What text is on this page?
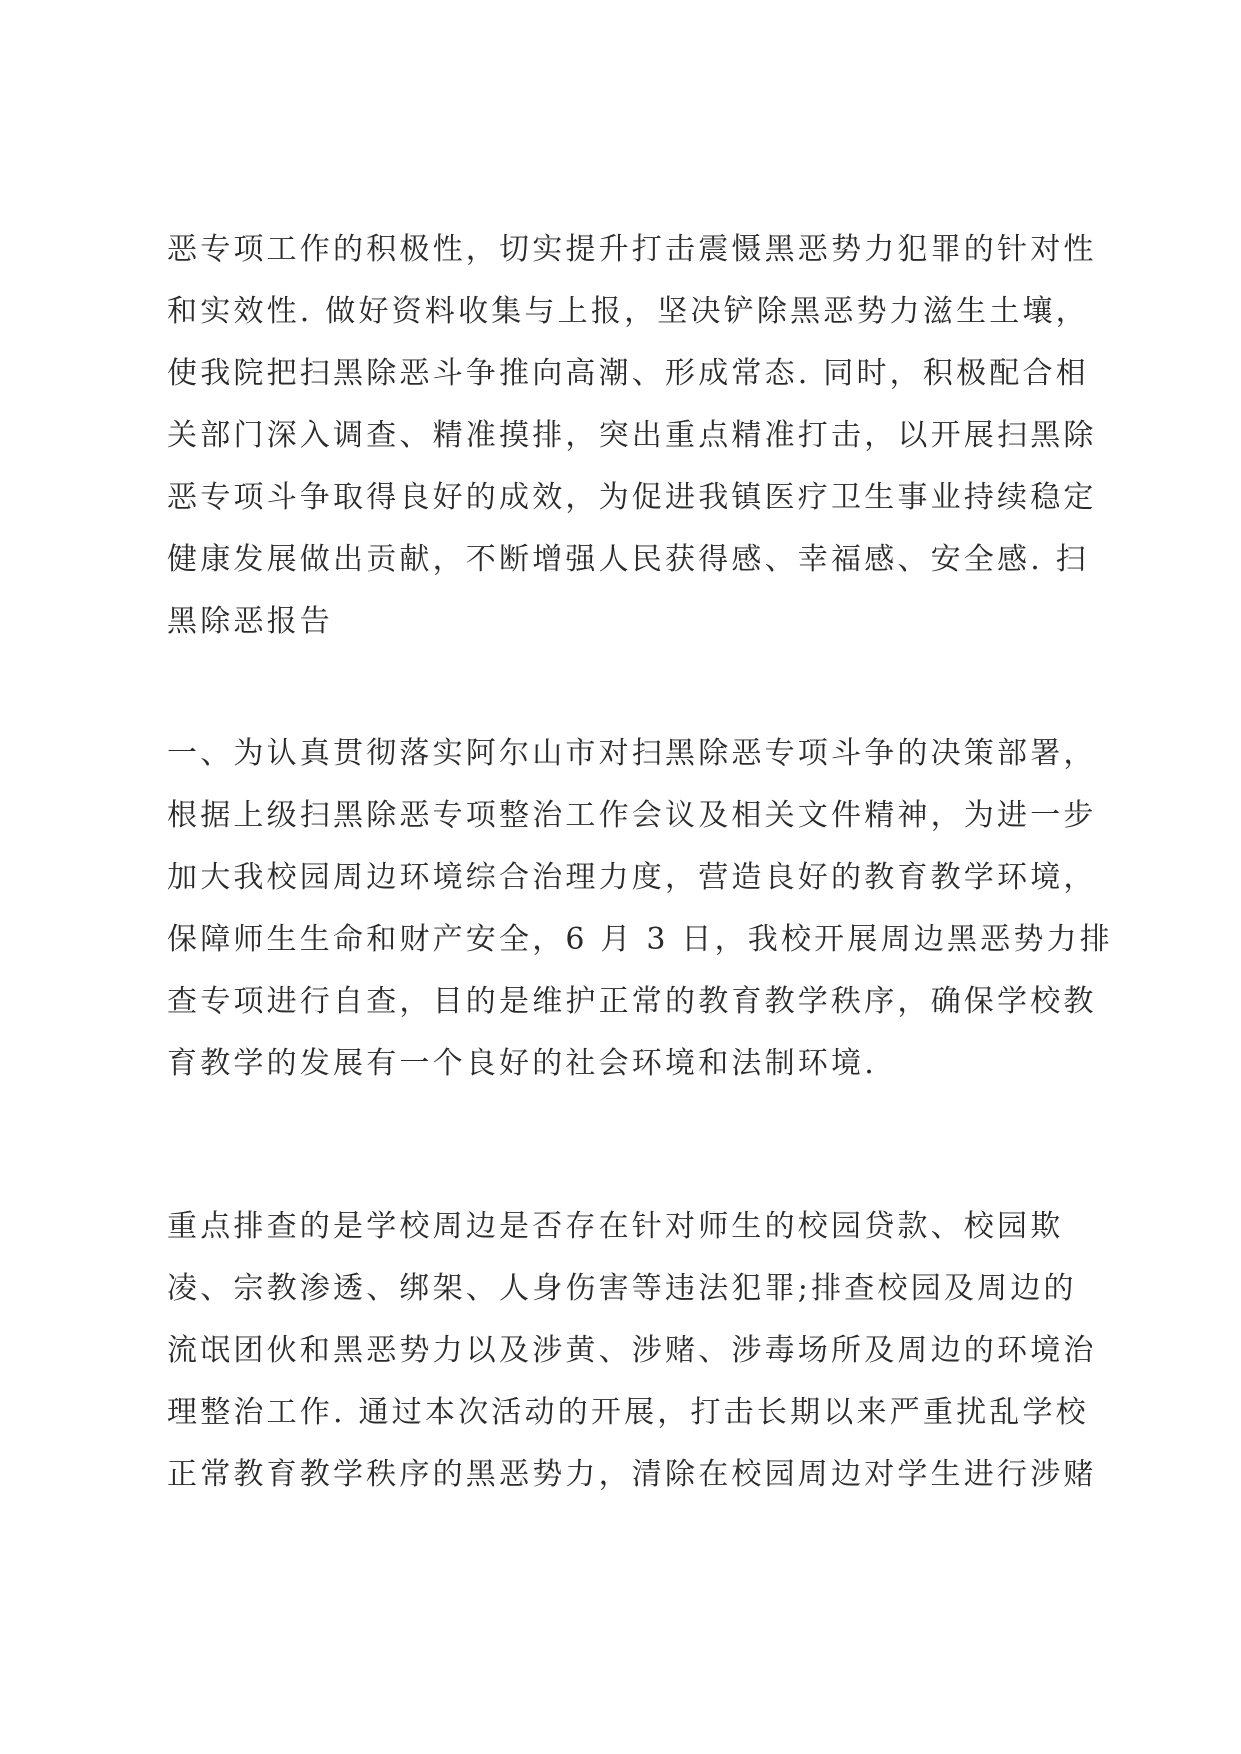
恶专项工作的积极性，切实提升打击震慑黑恶势力犯罪的针对性
和实效性. 做好资料收集与上报，坚决铲除黑恶势力滋生土壤，
使我院把扫黑除恶斗争推向高潮、形成常态. 同时，积极配合相
关部门深入调查、精准摸排，突出重点精准打击，以开展扫黑除
恶专项斗争取得良好的成效，为促进我镇医疗卫生事业持续稳定
健康发展做出贡献，不断增强人民获得感、幸福感、安全感. 扫
黑除恶报告
一、为认真贯彻落实阿尔山市对扫黑除恶专项斗争的决策部署，
根据上级扫黑除恶专项整治工作会议及相关文件精神，为进一步
加大我校园周边环境综合治理力度，营造良好的教育教学环境，
保障师生生命和财产安全，6 月 3 日，我校开展周边黑恶势力排
查专项进行自查，目的是维护正常的教育教学秩序，确保学校教
育教学的发展有一个良好的社会环境和法制环境.
重点排查的是学校周边是否存在针对师生的校园贷款、校园欺
凌、宗教渗透、绑架、人身伤害等违法犯罪;排查校园及周边的
流氓团伙和黑恶势力以及涉黄、涉赌、涉毒场所及周边的环境治
理整治工作. 通过本次活动的开展，打击长期以来严重扰乱学校
正常教育教学秩序的黑恶势力，清除在校园周边对学生进行涉赌
